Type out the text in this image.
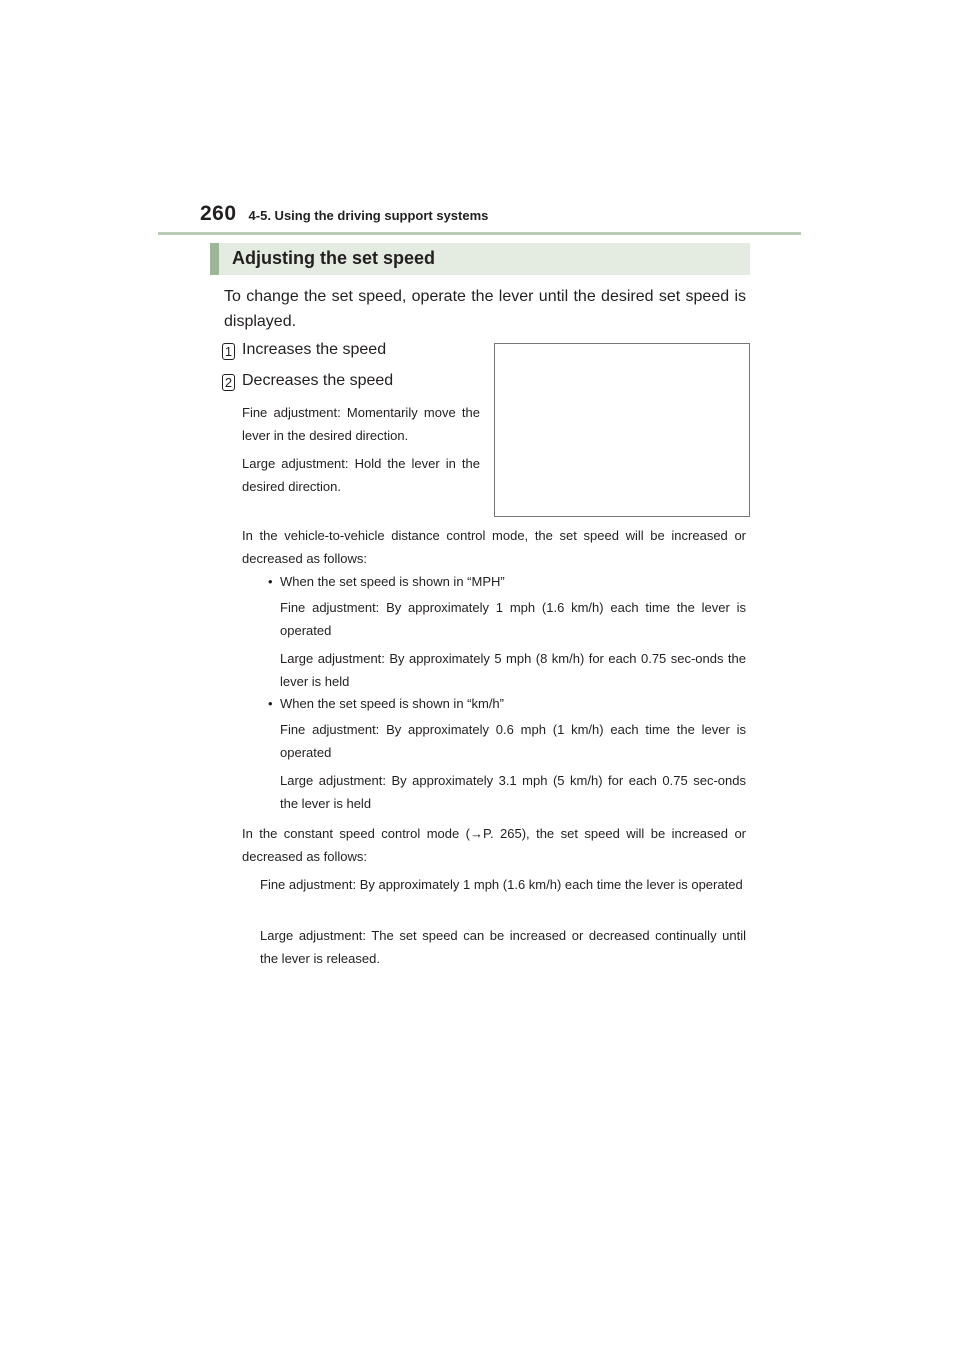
260 4-5. Using the driving support systems
Adjusting the set speed
To change the set speed, operate the lever until the desired set speed is displayed.
1 Increases the speed
2 Decreases the speed
Fine adjustment: Momentarily move the lever in the desired direction.
Large adjustment: Hold the lever in the desired direction.
In the vehicle-to-vehicle distance control mode, the set speed will be increased or decreased as follows:
• When the set speed is shown in “MPH”
Fine adjustment: By approximately 1 mph (1.6 km/h) each time the lever is operated
Large adjustment: By approximately 5 mph (8 km/h) for each 0.75 sec-onds the lever is held
• When the set speed is shown in “km/h”
Fine adjustment: By approximately 0.6 mph (1 km/h) each time the lever is operated
Large adjustment: By approximately 3.1 mph (5 km/h) for each 0.75 sec-onds the lever is held
In the constant speed control mode (→P. 265), the set speed will be increased or decreased as follows:
Fine adjustment: By approximately 1 mph (1.6 km/h) each time the lever is operated
Large adjustment: The set speed can be increased or decreased continually until the lever is released.
